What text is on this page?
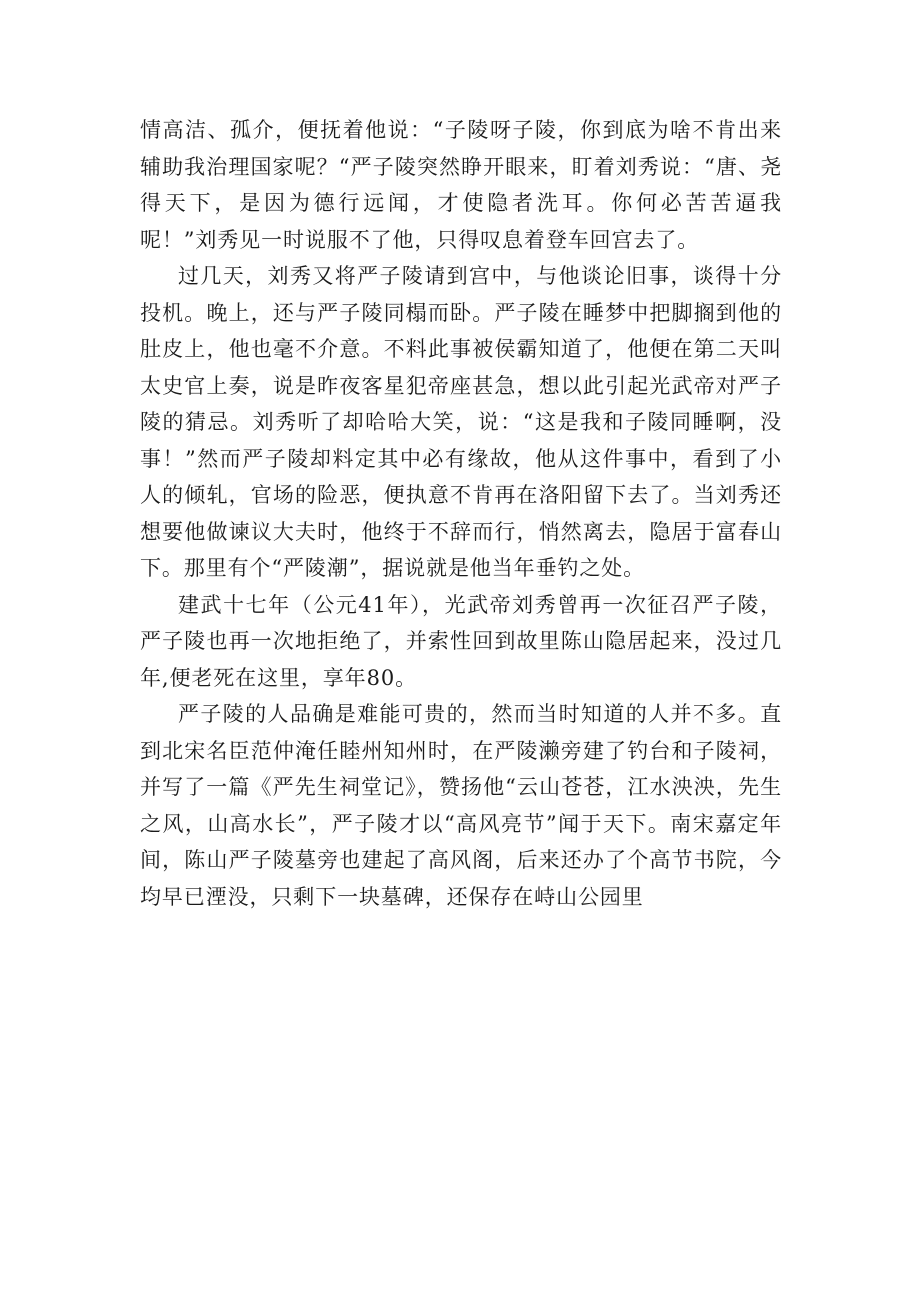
情高洁、孤介，便抚着他说：“子陵呀子陵，你到底为啥不肯出来辅助我治理国家呢？“严子陵突然睁开眼来，盯着刘秀说：“唐、尧得天下，是因为德行远闻，才使隐者洗耳。你何必苦苦逼我呢！”刘秀见一时说服不了他，只得叹息着登车回宫去了。

过几天，刘秀又将严子陵请到宫中，与他谈论旧事，谈得十分投机。晚上，还与严子陵同榻而卧。严子陵在睡梦中把脚搁到他的肚皮上，他也毫不介意。不料此事被侯霸知道了，他便在第二天叫太史官上奏，说是昨夜客星犯帝座甚急，想以此引起光武帝对严子陵的猜忌。刘秀听了却哈哈大笑，说：“这是我和子陵同睡啊，没事！”然而严子陵却料定其中必有缘故，他从这件事中，看到了小人的倾轧，官场的险恶，便执意不肯再在洛阳留下去了。当刘秀还想要他做谏议大夫时，他终于不辞而行，悄然离去，隐居于富春山下。那里有个“严陵潮”，据说就是他当年垂钓之处。

建武十七年（公元41年），光武帝刘秀曾再一次征召严子陵，严子陵也再一次地拒绝了，并索性回到故里陈山隐居起来，没过几年,便老死在这里，享年80。

严子陵的人品确是难能可贵的，然而当时知道的人并不多。直到北宋名臣范仲淹任睦州知州时，在严陵濑旁建了钓台和子陵祠，并写了一篇《严先生祠堂记》，赞扬他“云山苍苍，江水泱泱，先生之风，山高水长”，严子陵才以“高风亮节”闻于天下。南宋嘉定年间，陈山严子陵墓旁也建起了高风阁，后来还办了个高节书院，今均早已湮没，只剩下一块墓碑，还保存在峙山公园里
